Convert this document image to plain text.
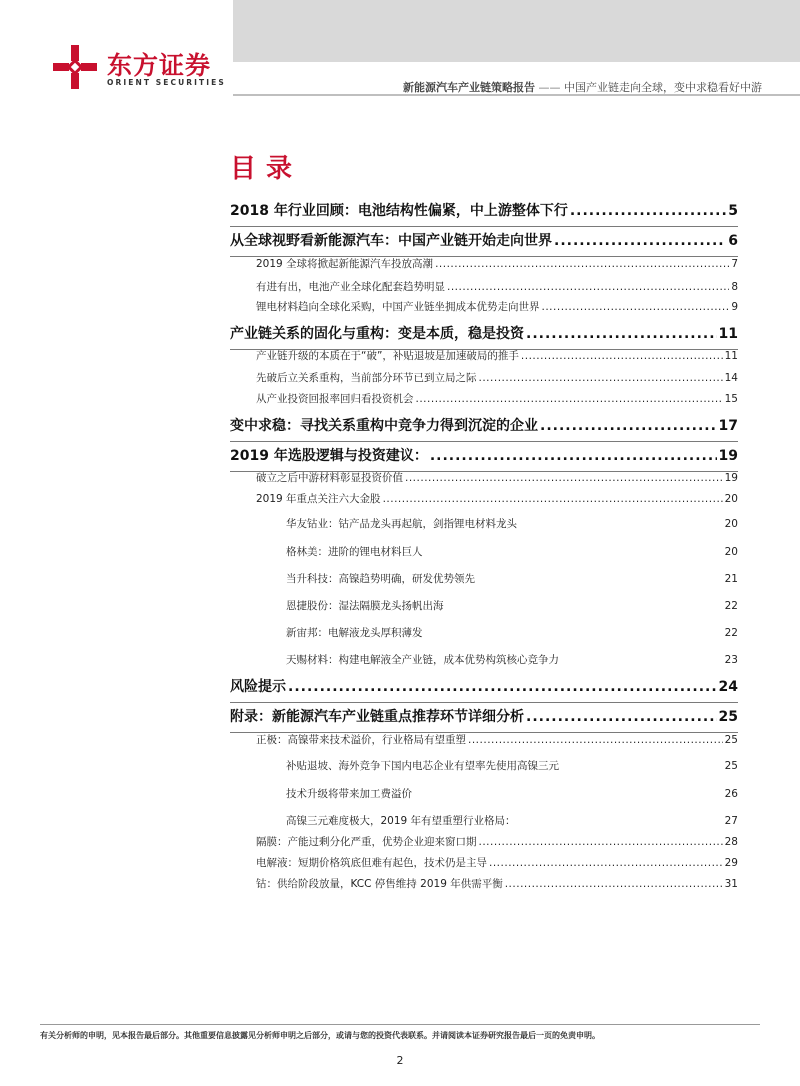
东方证券
ORIENT SECURITIES	新能源汽车产业链策略报告 —— 中国产业链走向全球，变中求稳看好中游
目录
2018 年行业回顾：电池结构性偏紧，中上游整体下行 .....	5
从全球视野看新能源汽车：中国产业链开始走向世界 .....	6
2019 全球将掀起新能源汽车投放高潮 .....	7
有进有出，电池产业全球化配套趋势明显 .....	8
锂电材料趋向全球化采购，中国产业链坐拥成本优势走向世界 .....	9
产业链关系的固化与重构：变是本质，稳是投资 .....	11
产业链升级的本质在于“破”，补贴退坡是加速破局的推手 .....	11
先破后立关系重构，当前部分环节已到立局之际 .....	14
从产业投资回报率回归看投资机会 .....	15
变中求稳：寻找关系重构中竞争力得到沉淀的企业 .....	17
2019 年选股逻辑与投资建议： .....	19
破立之后中游材料彰显投资价值 .....	19
2019 年重点关注六大金股 .....	20
华友钴业：钴产品龙头再起航，剑指锂电材料龙头	20
格林美：进阶的锂电材料巨人	20
当升科技：高镍趋势明确，研发优势领先	21
恩捷股份：湿法隔膜龙头扬帆出海	22
新宙邦：电解液龙头厚积薄发	22
天赐材料：构建电解液全产业链，成本优势构筑核心竞争力	23
风险提示 .....	24
附录：新能源汽车产业链重点推荐环节详细分析 .....	25
正极：高镍带来技术溢价，行业格局有望重塑 .....	25
补贴退坡、海外竞争下国内电芯企业有望率先使用高镍三元	25
技术升级将带来加工费溢价	26
高镍三元难度极大，2019 年有望重塑行业格局：	27
隔膜：产能过剩分化严重，优势企业迎来窗口期 .....	28
电解液：短期价格筑底但难有起色，技术仍是主导 .....	29
钴：供给阶段放量，KCC 停售维持 2019 年供需平衡 .....	31
有关分析师的申明，见本报告最后部分。其他重要信息披露见分析师申明之后部分，或请与您的投资代表联系。并请阅读本证券研究报告最后一页的免责申明。
2
